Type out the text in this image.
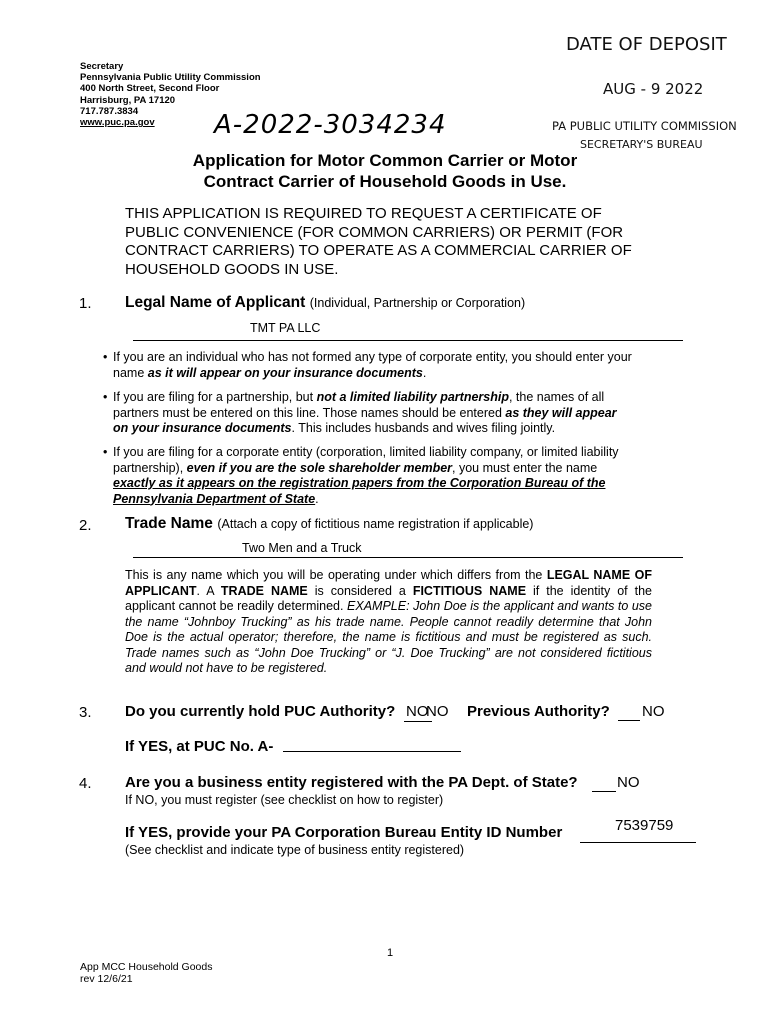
DATE OF DEPOSIT
AUG - 9 2022
PA PUBLIC UTILITY COMMISSION
SECRETARY'S BUREAU
Secretary
Pennsylvania Public Utility Commission
400 North Street, Second Floor
Harrisburg, PA 17120
717.787.3834
www.puc.pa.gov	A-2022-3034234
Application for Motor Common Carrier or Motor
Contract Carrier of Household Goods in Use.
THIS APPLICATION IS REQUIRED TO REQUEST A CERTIFICATE OF
PUBLIC CONVENIENCE (FOR COMMON CARRIERS) OR PERMIT (FOR
CONTRACT CARRIERS) TO OPERATE AS A COMMERCIAL CARRIER OF
HOUSEHOLD GOODS IN USE.
1. Legal Name of Applicant (Individual, Partnership or Corporation)
TMT PA LLC
• If you are an individual who has not formed any type of corporate entity, you should enter your name as it will appear on your insurance documents.
• If you are filing for a partnership, but not a limited liability partnership, the names of all partners must be entered on this line. Those names should be entered as they will appear on your insurance documents. This includes husbands and wives filing jointly.
• If you are filing for a corporate entity (corporation, limited liability company, or limited liability partnership), even if you are the sole shareholder member, you must enter the name exactly as it appears on the registration papers from the Corporation Bureau of the Pennsylvania Department of State.
2. Trade Name (Attach a copy of fictitious name registration if applicable)
Two Men and a Truck
This is any name which you will be operating under which differs from the LEGAL NAME OF APPLICANT. A TRADE NAME is considered a FICTITIOUS NAME if the identity of the applicant cannot be readily determined. EXAMPLE: John Doe is the applicant and wants to use the name “Johnboy Trucking” as his trade name. People cannot readily determine that John Doe is the actual operator; therefore, the name is fictitious and must be registered as such. Trade names such as “John Doe Trucking” or “J. Doe Trucking” are not considered fictitious and would not have to be registered.
3. Do you currently hold PUC Authority? NO
NO Previous Authority? NO
If YES, at PUC No. A-
4. Are you a business entity registered with the PA Dept. of State?	NO
If NO, you must register (see checklist on how to register)
If YES, provide your PA Corporation Bureau Entity ID Number	7539759
(See checklist and indicate type of business entity registered)
1
App MCC Household Goods
rev 12/6/21
